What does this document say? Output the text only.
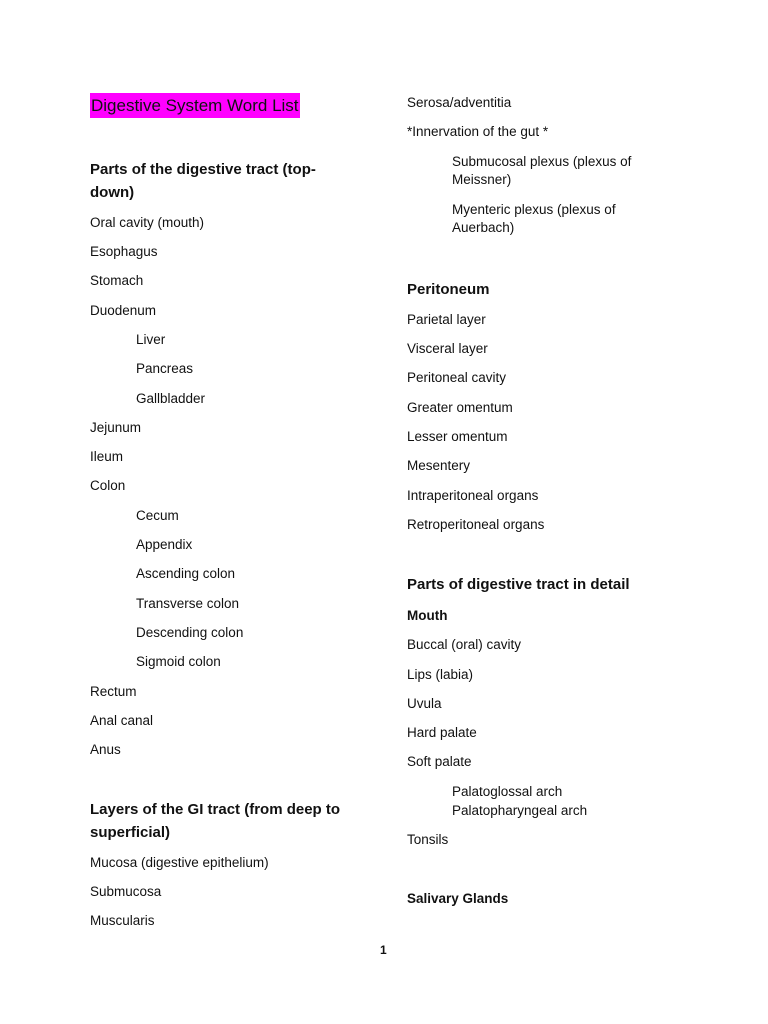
Digestive System Word List
Parts of the digestive tract (top-down)
Oral cavity (mouth)
Esophagus
Stomach
Duodenum
Liver
Pancreas
Gallbladder
Jejunum
Ileum
Colon
Cecum
Appendix
Ascending colon
Transverse colon
Descending colon
Sigmoid colon
Rectum
Anal canal
Anus
Layers of the GI tract (from deep to superficial)
Mucosa (digestive epithelium)
Submucosa
Muscularis
Serosa/adventitia
*Innervation of the gut *
Submucosal plexus (plexus of Meissner)
Myenteric plexus (plexus of Auerbach)
Peritoneum
Parietal layer
Visceral layer
Peritoneal cavity
Greater omentum
Lesser omentum
Mesentery
Intraperitoneal organs
Retroperitoneal organs
Parts of digestive tract in detail
Mouth
Buccal (oral) cavity
Lips (labia)
Uvula
Hard palate
Soft palate
Palatoglossal arch
Palatopharyngeal arch
Tonsils
Salivary Glands
1
